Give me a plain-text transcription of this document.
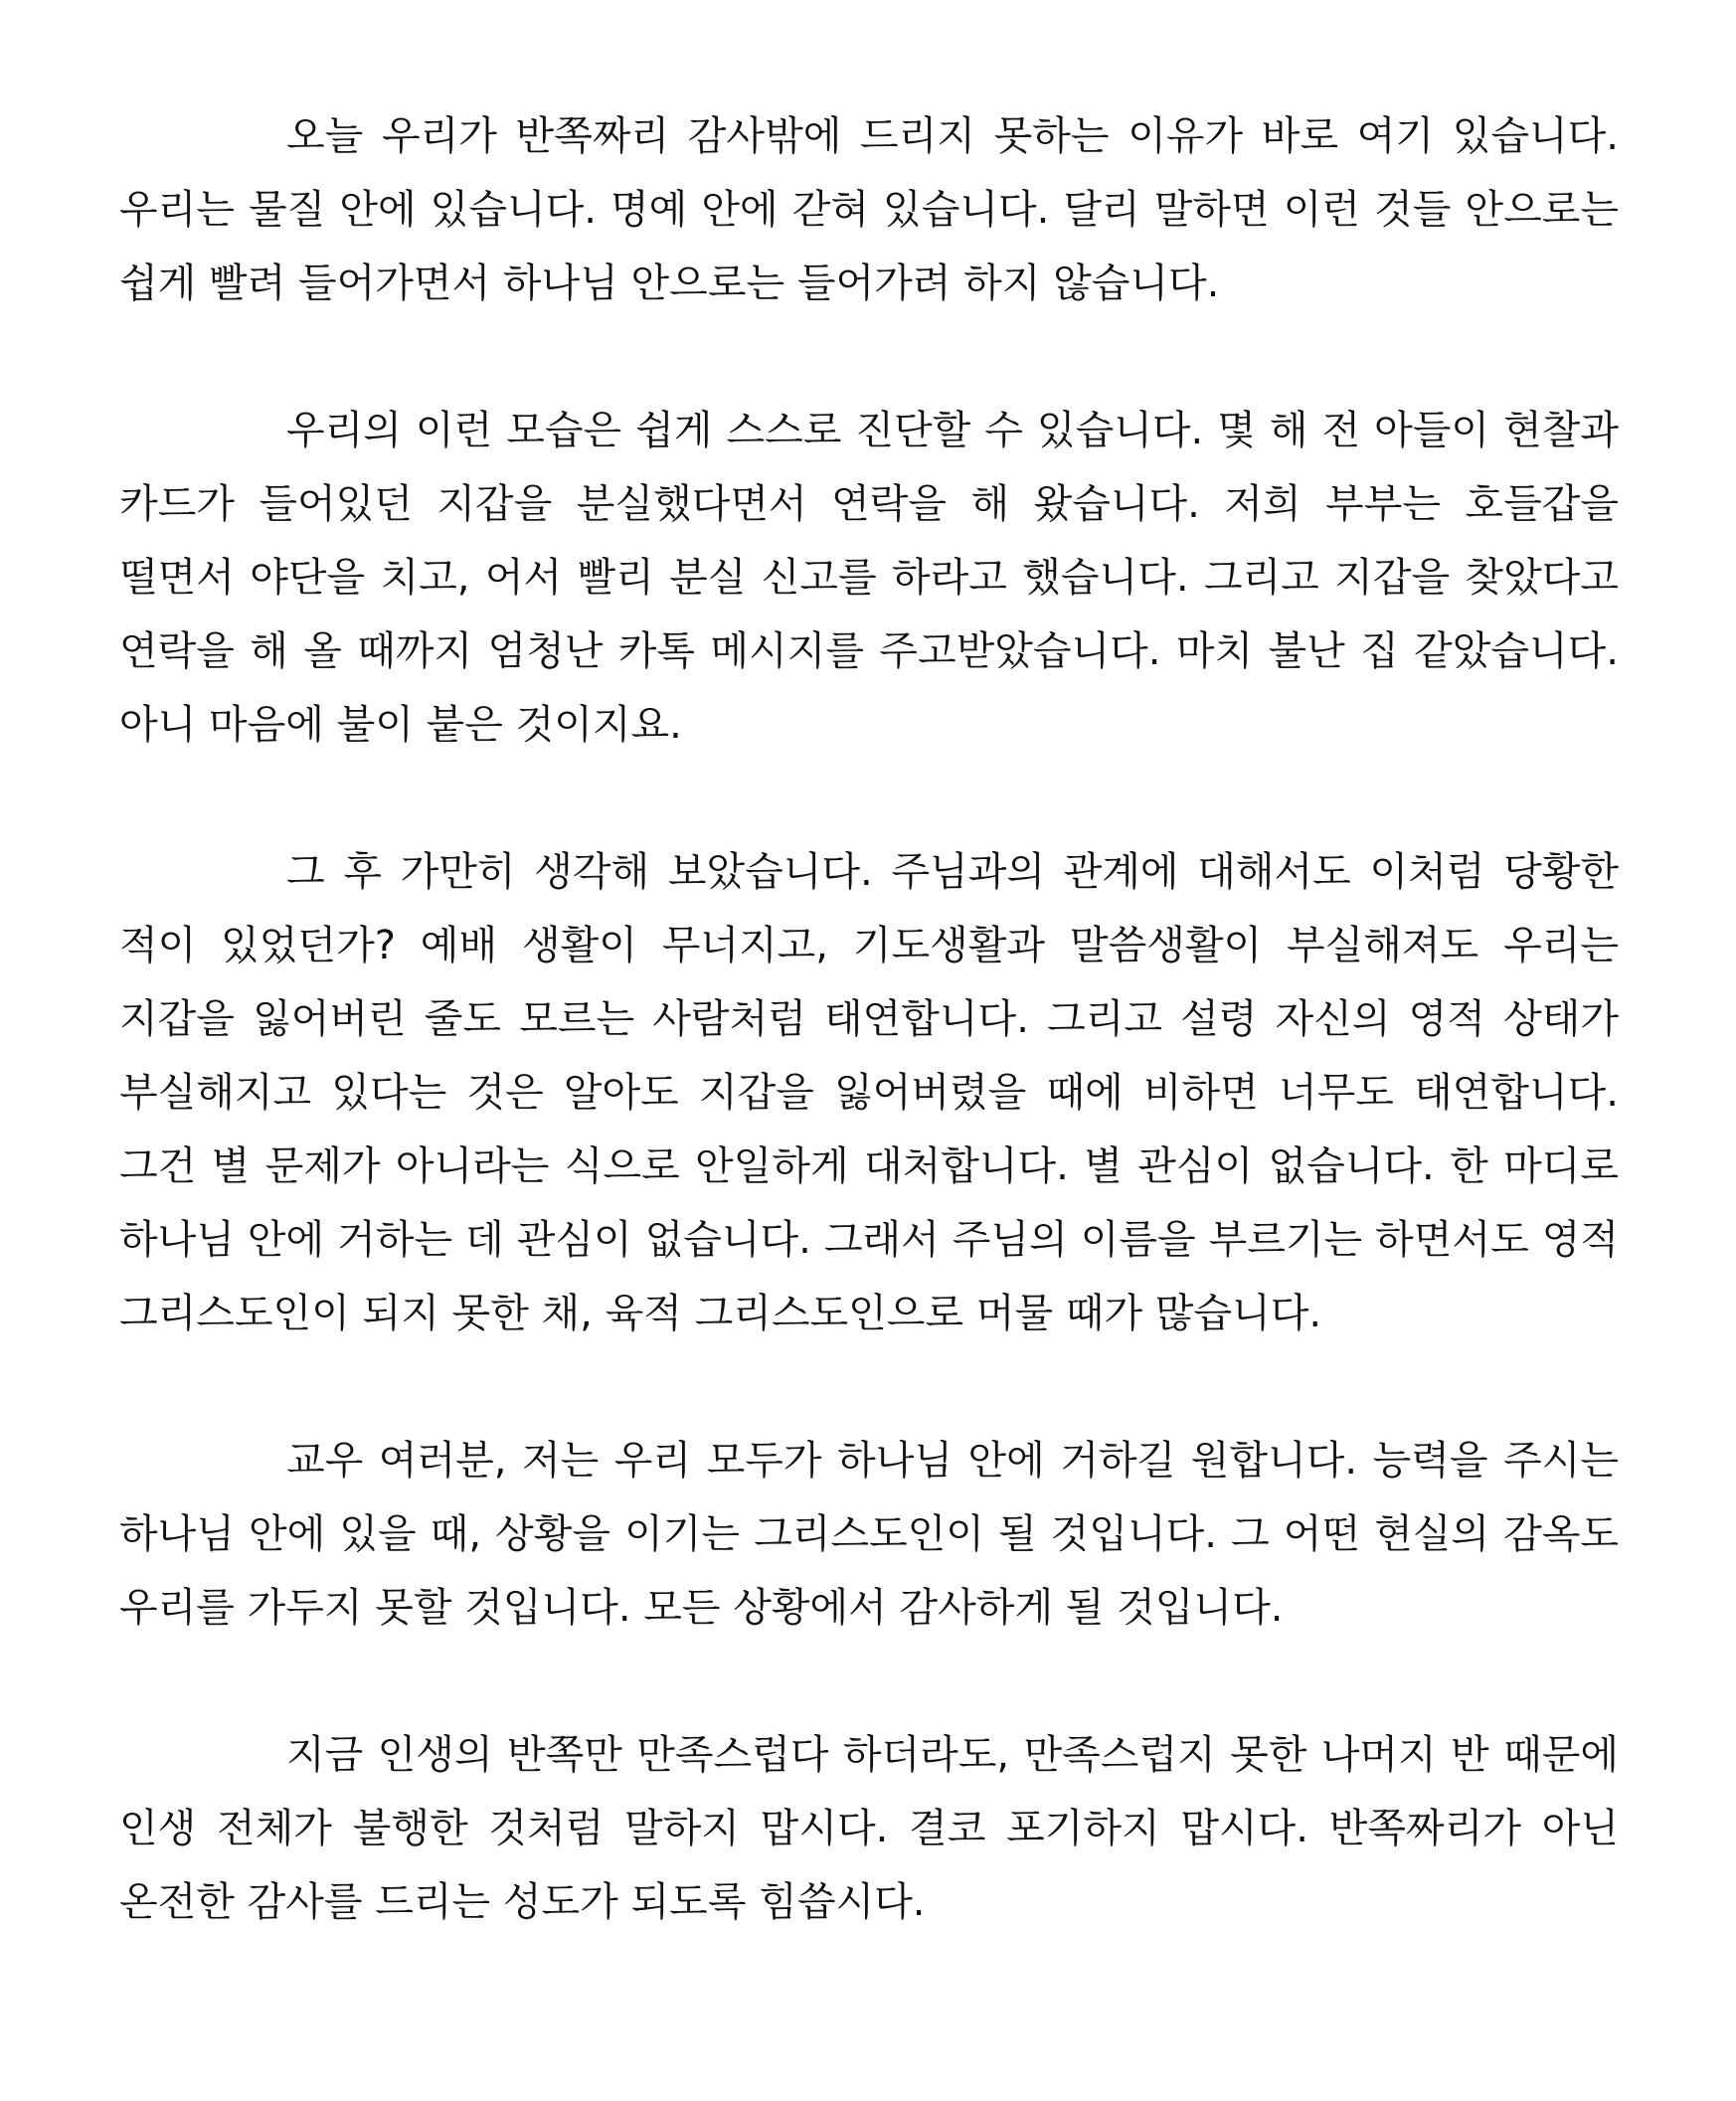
오늘 우리가 반쪽짜리 감사밖에 드리지 못하는 이유가 바로 여기 있습니다. 우리는 물질 안에 있습니다. 명예 안에 갇혀 있습니다. 달리 말하면 이런 것들 안으로는 쉽게 빨려 들어가면서 하나님 안으로는 들어가려 하지 않습니다.

우리의 이런 모습은 쉽게 스스로 진단할 수 있습니다. 몇 해 전 아들이 현찰과 카드가 들어있던 지갑을 분실했다면서 연락을 해 왔습니다. 저희 부부는 호들갑을 떨면서 야단을 치고, 어서 빨리 분실 신고를 하라고 했습니다. 그리고 지갑을 찾았다고 연락을 해 올 때까지 엄청난 카톡 메시지를 주고받았습니다. 마치 불난 집 같았습니다. 아니 마음에 불이 붙은 것이지요.

그 후 가만히 생각해 보았습니다. 주님과의 관계에 대해서도 이처럼 당황한 적이 있었던가? 예배 생활이 무너지고, 기도생활과 말씀생활이 부실해져도 우리는 지갑을 잃어버린 줄도 모르는 사람처럼 태연합니다. 그리고 설령 자신의 영적 상태가 부실해지고 있다는 것은 알아도 지갑을 잃어버렸을 때에 비하면 너무도 태연합니다. 그건 별 문제가 아니라는 식으로 안일하게 대처합니다. 별 관심이 없습니다. 한 마디로 하나님 안에 거하는 데 관심이 없습니다. 그래서 주님의 이름을 부르기는 하면서도 영적 그리스도인이 되지 못한 채, 육적 그리스도인으로 머물 때가 많습니다.

교우 여러분, 저는 우리 모두가 하나님 안에 거하길 원합니다. 능력을 주시는 하나님 안에 있을 때, 상황을 이기는 그리스도인이 될 것입니다. 그 어떤 현실의 감옥도 우리를 가두지 못할 것입니다. 모든 상황에서 감사하게 될 것입니다.

지금 인생의 반쪽만 만족스럽다 하더라도, 만족스럽지 못한 나머지 반 때문에 인생 전체가 불행한 것처럼 말하지 맙시다. 결코 포기하지 맙시다. 반쪽짜리가 아닌 온전한 감사를 드리는 성도가 되도록 힘씁시다.
